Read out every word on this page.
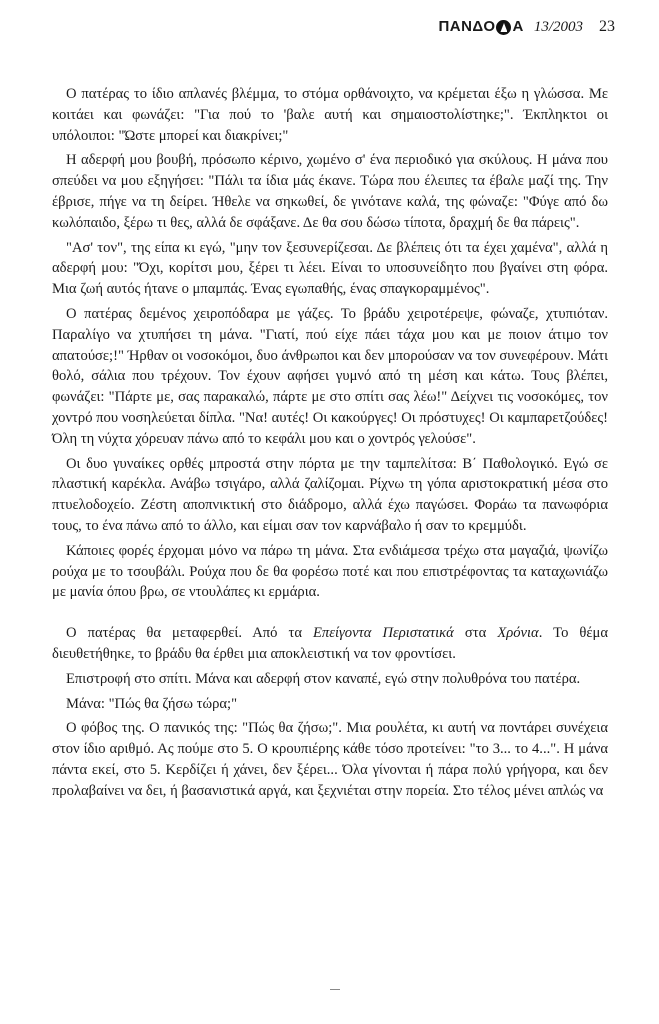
ΠΑΝΔΟ Α 13/2003 23

Ο πατέρας το ίδιο απλανές βλέμμα, το στόμα ορθάνοιχτο, να κρέμεται έξω η γλώσσα. Με κοιτάει και φωνάζει: "Για πού το 'βαλε αυτή και σημαιοστολίστηκε;". Έκπληκτοι οι υπόλοιποι: "Ώστε μπορεί και διακρίνει;"

Η αδερφή μου βουβή, πρόσωπο κέρινο, χωμένο σ' ένα περιοδικό για σκύλους. Η μάνα που σπεύδει να μου εξηγήσει: "Πάλι τα ίδια μάς έκανε. Τώρα που έλειπες τα έβαλε μαζί της. Την έβρισε, πήγε να τη δείρει. Ήθελε να σηκωθεί, δε γινότανε καλά, της φώναζε: "Φύγε από δω κωλόπαιδο, ξέρω τι θες, αλλά δε σφάξανε. Δε θα σου δώσω τίποτα, δραχμή δε θα πάρεις".

"Ασ' τον", της είπα κι εγώ, "μην τον ξεσυνερίζεσαι. Δε βλέπεις ότι τα έχει χαμένα", αλλά η αδερφή μου: "Όχι, κορίτσι μου, ξέρει τι λέει. Είναι το υποσυνείδητο που βγαίνει στη φόρα. Μια ζωή αυτός ήτανε ο μπαμπάς. Ένας εγωπαθής, ένας σπαγκοραμμένος".

Ο πατέρας δεμένος χειροπόδαρα με γάζες. Το βράδυ χειροτέρεψε, φώναζε, χτυπιόταν. Παραλίγο να χτυπήσει τη μάνα. "Γιατί, πού είχε πάει τάχα μου και με ποιον άτιμο τον απατούσε;!" Ήρθαν οι νοσοκόμοι, δυο άνθρωποι και δεν μπορούσαν να τον συνεφέρουν. Μάτι θολό, σάλια που τρέχουν. Τον έχουν αφήσει γυμνό από τη μέση και κάτω. Τους βλέπει, φωνάζει: "Πάρτε με, σας παρακαλώ, πάρτε με στο σπίτι σας λέω!" Δείχνει τις νοσοκόμες, τον χοντρό που νοσηλεύεται δίπλα. "Να! αυτές! Οι κακούργες! Οι πρόστυχες! Οι καμπαρετζούδες! Όλη τη νύχτα χόρευαν πάνω από το κεφάλι μου και ο χοντρός γελούσε".

Οι δυο γυναίκες ορθές μπροστά στην πόρτα με την ταμπελίτσα: Β΄ Παθολογικό. Εγώ σε πλαστική καρέκλα. Ανάβω τσιγάρο, αλλά ζαλίζομαι. Ρίχνω τη γόπα αριστοκρατική μέσα στο πτυελοδοχείο. Ζέστη αποπνικτική στο διάδρομο, αλλά έχω παγώσει. Φοράω τα πανωφόρια τους, το ένα πάνω από το άλλο, και είμαι σαν τον καρνάβαλο ή σαν το κρεμμύδι.

Κάποιες φορές έρχομαι μόνο να πάρω τη μάνα. Στα ενδιάμεσα τρέχω στα μαγαζιά, ψωνίζω ρούχα με το τσουβάλι. Ρούχα που δε θα φορέσω ποτέ και που επιστρέφοντας τα καταχωνιάζω με μανία όπου βρω, σε ντουλάπες κι ερμάρια.

Ο πατέρας θα μεταφερθεί. Από τα Επείγοντα Περιστατικά στα Χρόνια. Το θέμα διευθετήθηκε, το βράδυ θα έρθει μια αποκλειστική να τον φροντίσει.

Επιστροφή στο σπίτι. Μάνα και αδερφή στον καναπέ, εγώ στην πολυθρόνα του πατέρα.

Μάνα: "Πώς θα ζήσω τώρα;"

Ο φόβος της. Ο πανικός της: "Πώς θα ζήσω;". Μια ρουλέτα, κι αυτή να ποντάρει συνέχεια στον ίδιο αριθμό. Ας πούμε στο 5. Ο κρουπιέρης κάθε τόσο προτείνει: "το 3... το 4...". Η μάνα πάντα εκεί, στο 5. Κερδίζει ή χάνει, δεν ξέρει... Όλα γίνονται ή πάρα πολύ γρήγορα, και δεν προλαβαίνει να δει, ή βασανιστικά αργά, και ξεχνιέται στην πορεία. Στο τέλος μένει απλώς να
